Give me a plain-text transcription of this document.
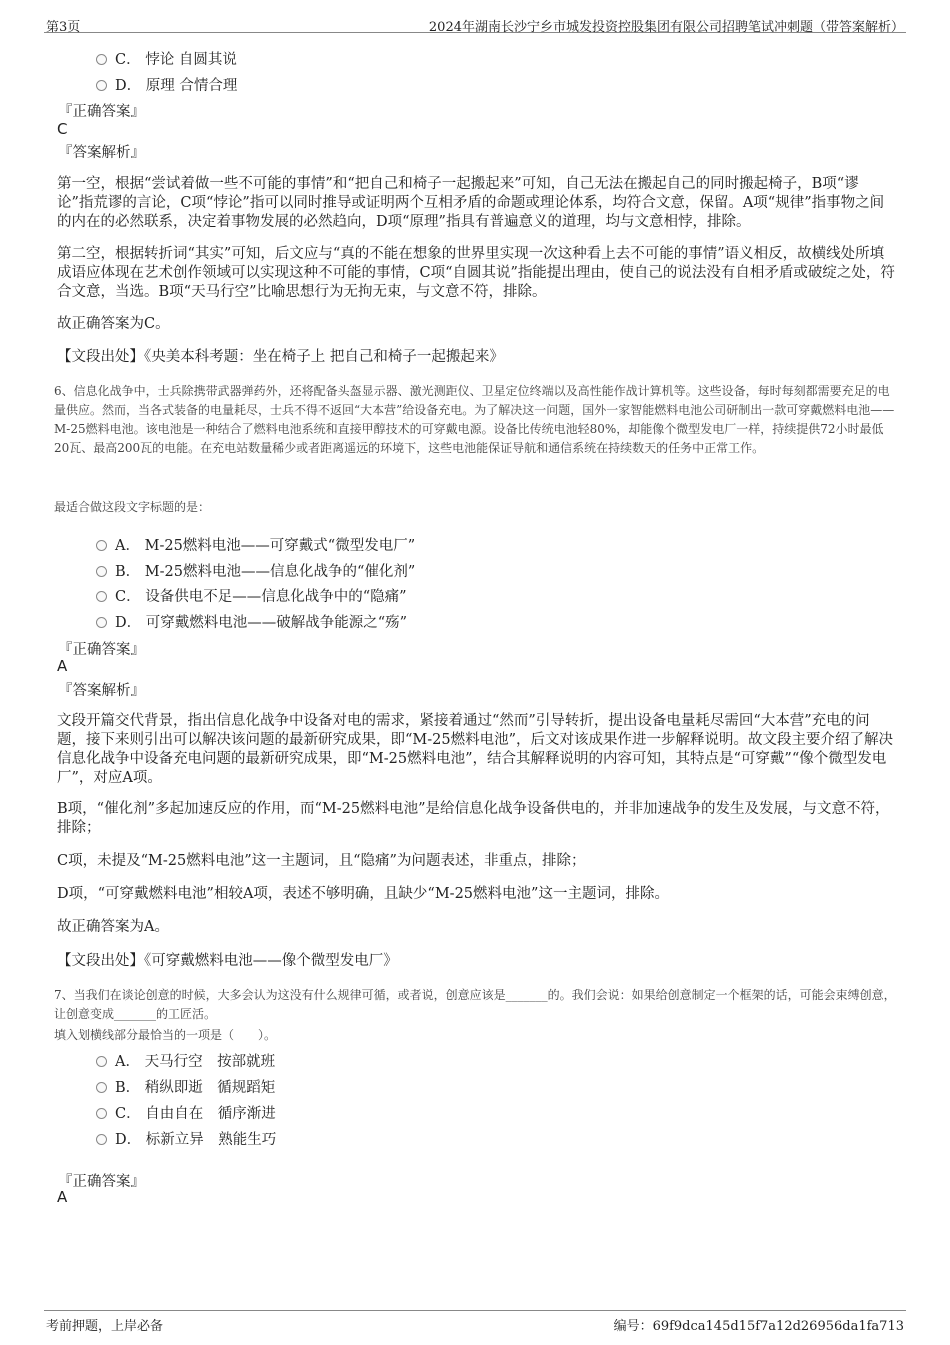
第3页	2024年湖南长沙宁乡市城发投资控股集团有限公司招聘笔试冲刺题（带答案解析）
C． 悖论 自圆其说
D． 原理 合情合理
『正确答案』
C
『答案解析』
第一空，根据“尝试着做一些不可能的事情”和“把自己和椅子一起搬起来”可知，自己无法在搬起自己的同时搬起椅子，B项“谬论”指荒谬的言论，C项“悖论”指可以同时推导或证明两个互相矛盾的命题或理论体系，均符合文意，保留。A项“规律”指事物之间的内在的必然联系，决定着事物发展的必然趋向，D项“原理”指具有普遍意义的道理，均与文意相悖，排除。
第二空，根据转折词“其实”可知，后文应与“真的不能在想象的世界里实现一次这种看上去不可能的事情”语义相反，故横线处所填成语应体现在艺术创作领域可以实现这种不可能的事情，C项“自圆其说”指能提出理由，使自己的说法没有自相矛盾或破绽之处，符合文意，当选。B项“天马行空”比喻思想行为无拘无束，与文意不符，排除。
故正确答案为C。
【文段出处】《央美本科考题：坐在椅子上 把自己和椅子一起搬起来》
6、信息化战争中，士兵除携带武器弹药外，还将配备头盔显示器、激光测距仪、卫星定位终端以及高性能作战计算机等。这些设备，每时每刻都需要充足的电量供应。然而，当各式装备的电量耗尽，士兵不得不返回“大本营”给设备充电。为了解决这一问题，国外一家智能燃料电池公司研制出一款可穿戴燃料电池——M-25燃料电池。该电池是一种结合了燃料电池系统和直接甲醇技术的可穿戴电源。设备比传统电池轻80%，却能像个微型发电厂一样，持续提供72小时最低20瓦、最高200瓦的电能。在充电站数量稀少或者距离遥远的环境下，这些电池能保证导航和通信系统在持续数天的任务中正常工作。
最适合做这段文字标题的是：
A． M-25燃料电池——可穿戴式“微型发电厂”
B． M-25燃料电池——信息化战争的“催化剂”
C． 设备供电不足——信息化战争中的“隐痛”
D． 可穿戴燃料电池——破解战争能源之“殇”
『正确答案』
A
『答案解析』
文段开篇交代背景，指出信息化战争中设备对电的需求，紧接着通过“然而”引导转折，提出设备电量耗尽需回“大本营”充电的问题，接下来则引出可以解决该问题的最新研究成果，即“M-25燃料电池”，后文对该成果作进一步解释说明。故文段主要介绍了解决信息化战争中设备充电问题的最新研究成果，即“M-25燃料电池”，结合其解释说明的内容可知，其特点是“可穿戴”“像个微型发电厂”，对应A项。
B项，“催化剂”多起加速反应的作用，而“M-25燃料电池”是给信息化战争设备供电的，并非加速战争的发生及发展，与文意不符，排除；
C项，未提及“M-25燃料电池”这一主题词，且“隐痛”为问题表述，非重点，排除；
D项，“可穿戴燃料电池”相较A项，表述不够明确，且缺少“M-25燃料电池”这一主题词，排除。
故正确答案为A。
【文段出处】《可穿戴燃料电池——像个微型发电厂》
7、当我们在谈论创意的时候，大多会认为这没有什么规律可循，或者说，创意应该是_______的。我们会说：如果给创意制定一个框架的话，可能会束缚创意，让创意变成_______的工匠活。
填入划横线部分最恰当的一项是（　　）。
A． 天马行空　按部就班
B． 稍纵即逝　循规蹈矩
C． 自由自在　循序渐进
D． 标新立异　熟能生巧
『正确答案』
A
考前押题，上岸必备	编号：69f9dca145d15f7a12d26956da1fa713
